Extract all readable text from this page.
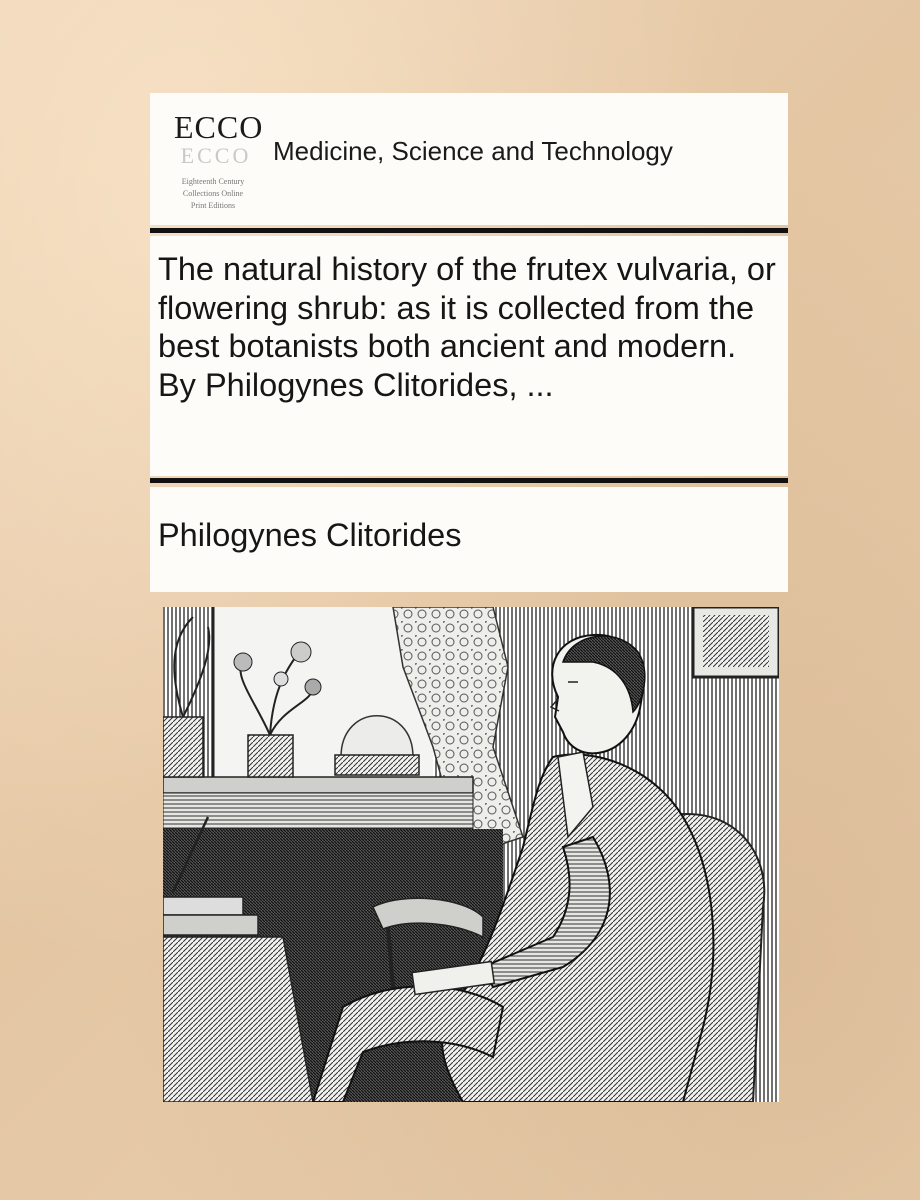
ECCO
ECCO
Eighteenth Century
Collections Online
Print Editions
Medicine, Science and Technology
The natural history of the frutex vulvaria, or flowering shrub: as it is collected from the best botanists both ancient and modern. By Philogynes Clitorides, ...
Philogynes Clitorides
